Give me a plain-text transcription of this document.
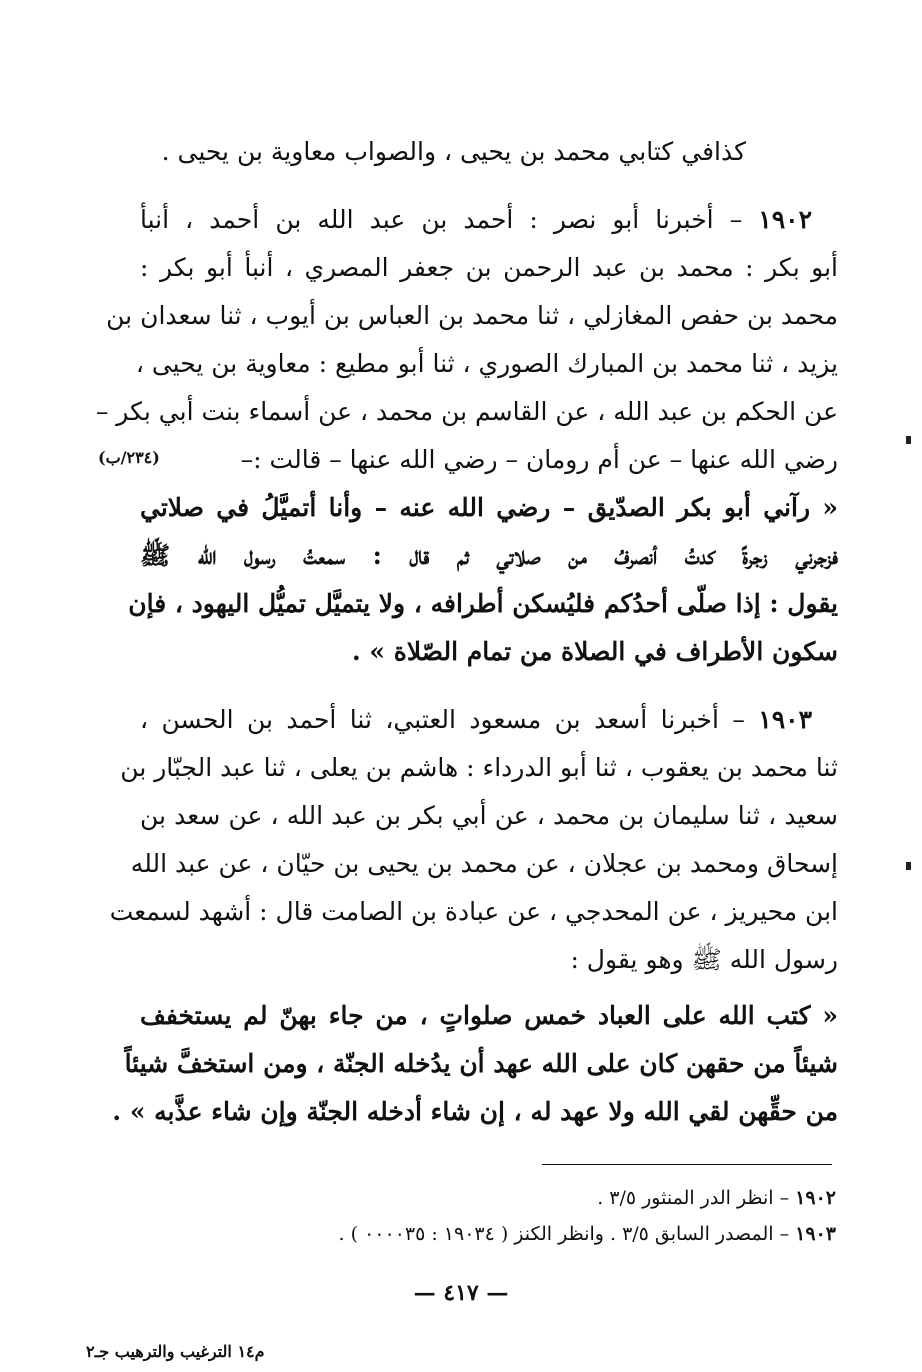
كذافي كتابي محمد بن يحيى ، والصواب معاوية بن يحيى .
١٩٠٢ – أخبرنا أبو نصر : أحمد بن عبد الله بن أحمد ، أنبأ
أبو بكر : محمد بن عبد الرحمن بن جعفر المصري ، أنبأ أبو بكر :
محمد بن حفص المغازلي ، ثنا محمد بن العباس بن أيوب ، ثنا سعدان بن
يزيد ، ثنا محمد بن المبارك الصوري ، ثنا أبو مطيع : معاوية بن يحيى ،
عن الحكم بن عبد الله ، عن القاسم بن محمد ، عن أسماء بنت أبي بكر –
رضي الله عنها – عن أم رومان – رضي الله عنها – قالت :–
(٢٣٤/ب)
« رآني أبو بكر الصدّيق – رضي الله عنه – وأنا أتميَّلُ في صلاتي
فزجرني زجرةً كدتُ أنصرفُ من صلاتي ثم قال : سمعتُ رسول الله ﷺ
يقول : إذا صلّى أحدُكم فليُسكن أطرافه ، ولا يتميَّل تميُّل اليهود ، فإن
سكون الأطراف في الصلاة من تمام الصّلاة » .
١٩٠٣ – أخبرنا أسعد بن مسعود العتبي، ثنا أحمد بن الحسن ،
ثنا محمد بن يعقوب ، ثنا أبو الدرداء : هاشم بن يعلى ، ثنا عبد الجبّار بن
سعيد ، ثنا سليمان بن محمد ، عن أبي بكر بن عبد الله ، عن سعد بن
إسحاق ومحمد بن عجلان ، عن محمد بن يحيى بن حيّان ، عن عبد الله
ابن محيريز ، عن المحدجي ، عن عبادة بن الصامت قال : أشهد لسمعت
رسول الله ﷺ وهو يقول :
« كتب الله على العباد خمس صلواتٍ ، من جاء بهنّ لم يستخفف
شيئاً من حقهن كان على الله عهد أن يدُخله الجنّة ، ومن استخفَّ شيئاً
من حقِّهن لقي الله ولا عهد له ، إن شاء أدخله الجنّة وإن شاء عذَّبه » .
١٩٠٢ – انظر الدر المنثور ٣/٥ .
١٩٠٣ – المصدر السابق ٣/٥ . وانظر الكنز ( ١٩٠٣٤ : ٠٠٠٠٣٥ ) .
— ٤١٧ —
م١٤ الترغيب والترهيب جـ٢
